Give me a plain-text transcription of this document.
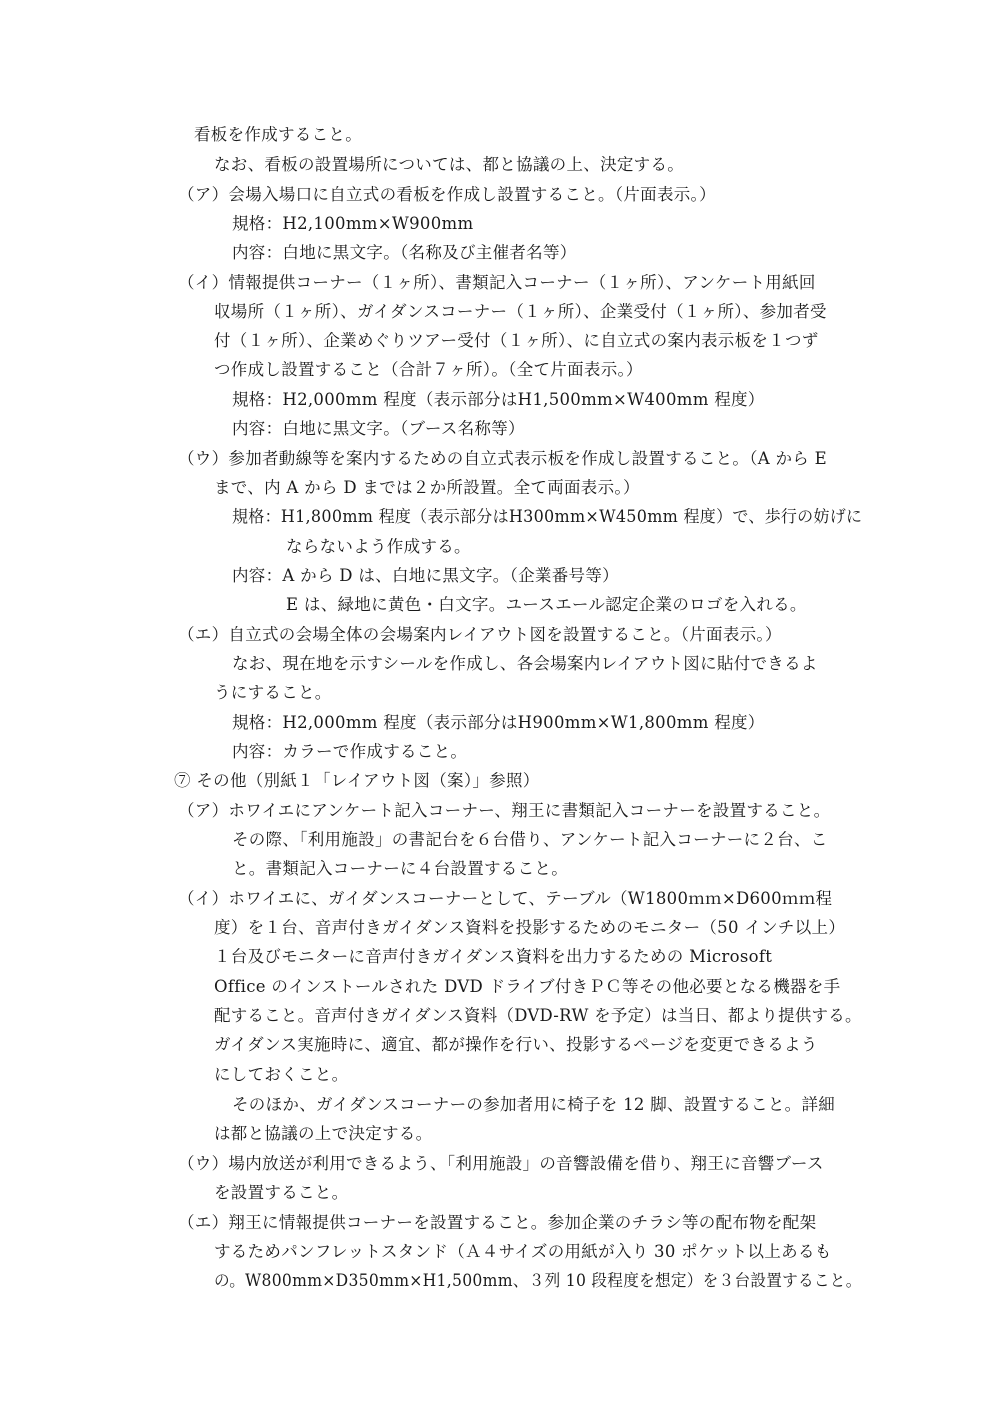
看板を作成すること。
なお、看板の設置場所については、都と協議の上、決定する。
（ア）会場入場口に自立式の看板を作成し設置すること。（片面表示。）
規格：H2,100mm×W900mm
内容：白地に黒文字。（名称及び主催者名等）
（イ）情報提供コーナー（１ヶ所）、書類記入コーナー（１ヶ所）、アンケート用紙回
収場所（１ヶ所）、ガイダンスコーナー（１ヶ所）、企業受付（１ヶ所）、参加者受
付（１ヶ所）、企業めぐりツアー受付（１ヶ所）、に自立式の案内表示板を１つず
つ作成し設置すること（合計７ヶ所）。（全て片面表示。）
規格：H2,000mm 程度（表示部分はH1,500mm×W400mm 程度）
内容：白地に黒文字。（ブース名称等）
（ウ）参加者動線等を案内するための自立式表示板を作成し設置すること。（A から E
まで、内 A から D までは２か所設置。全て両面表示。）
規格：H1,800mm 程度（表示部分はH300mm×W450mm 程度）で、歩行の妨げに
ならないよう作成する。
内容：A から D は、白地に黒文字。（企業番号等）
E は、緑地に黄色・白文字。ユースエール認定企業のロゴを入れる。
（エ）自立式の会場全体の会場案内レイアウト図を設置すること。（片面表示。）
なお、現在地を示すシールを作成し、各会場案内レイアウト図に貼付できるよ
うにすること。
規格：H2,000mm 程度（表示部分はH900mm×W1,800mm 程度）
内容：カラーで作成すること。
⑦ その他（別紙１「レイアウト図（案）」参照）
（ア）ホワイエにアンケート記入コーナー、翔王に書類記入コーナーを設置すること。
その際、「利用施設」の書記台を６台借り、アンケート記入コーナーに２台、こ
と。書類記入コーナーに４台設置すること。
（イ）ホワイエに、ガイダンスコーナーとして、テーブル（W1800ｍｍ×D600ｍｍ程
度）を１台、音声付きガイダンス資料を投影するためのモニター（50 インチ以上）
１台及びモニターに音声付きガイダンス資料を出力するための Microsoft
Office のインストールされた DVD ドライブ付きＰＣ等その他必要となる機器を手
配すること。音声付きガイダンス資料（DVD-RW を予定）は当日、都より提供する。
ガイダンス実施時に、適宜、都が操作を行い、投影するページを変更できるよう
にしておくこと。
そのほか、ガイダンスコーナーの参加者用に椅子を 12 脚、設置すること。詳細
は都と協議の上で決定する。
（ウ）場内放送が利用できるよう、「利用施設」の音響設備を借り、翔王に音響ブース
を設置すること。
（エ）翔王に情報提供コーナーを設置すること。参加企業のチラシ等の配布物を配架
するためパンフレットスタンド（Ａ４サイズの用紙が入り 30 ポケット以上あるも
の。W800mm×D350mm×H1,500mm、３列 10 段程度を想定）を３台設置すること。
